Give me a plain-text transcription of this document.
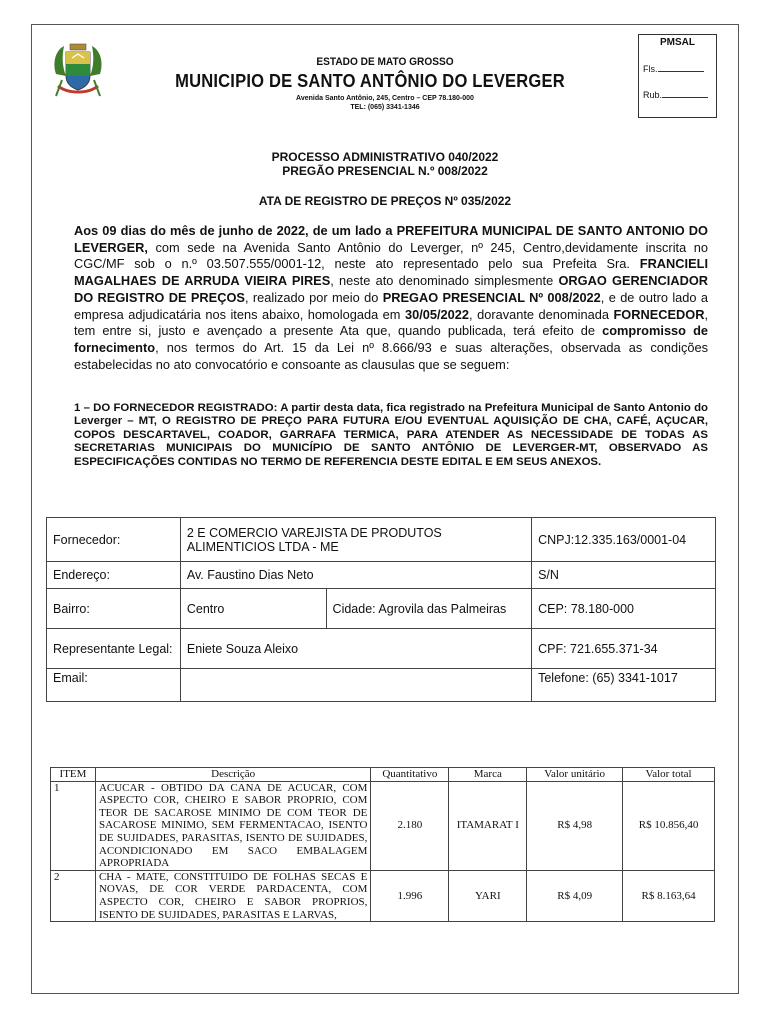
ESTADO DE MATO GROSSO
MUNICIPIO DE SANTO ANTÔNIO DO LEVERGER
Avenida Santo Antônio, 245, Centro – CEP 78.180-000
TEL: (065) 3341-1346
PMSAL
Fls.
Rub.
PROCESSO ADMINISTRATIVO 040/2022
PREGÃO PRESENCIAL N.º 008/2022
ATA DE REGISTRO DE PREÇOS Nº 035/2022

Aos 09 dias do mês de junho de 2022, de um lado a PREFEITURA MUNICIPAL DE SANTO ANTONIO DO LEVERGER, com sede na Avenida Santo Antônio do Leverger, nº 245, Centro,devidamente inscrita no CGC/MF sob o n.º 03.507.555/0001-12, neste ato representado pelo sua Prefeita Sra. FRANCIELI MAGALHAES DE ARRUDA VIEIRA PIRES, neste ato denominado simplesmente ORGAO GERENCIADOR DO REGISTRO DE PREÇOS, realizado por meio do PREGAO PRESENCIAL Nº 008/2022, e de outro lado a empresa adjudicatária nos itens abaixo, homologada em 30/05/2022, doravante denominada FORNECEDOR, tem entre si, justo e avençado a presente Ata que, quando publicada, terá efeito de compromisso de fornecimento, nos termos do Art. 15 da Lei nº 8.666/93 e suas alterações, observada as condições estabelecidas no ato convocatório e consoante as clausulas que se seguem:

1 – DO FORNECEDOR REGISTRADO: A partir desta data, fica registrado na Prefeitura Municipal de Santo Antonio do Leverger – MT, O REGISTRO DE PREÇO PARA FUTURA E/OU EVENTUAL AQUISIÇÃO DE CHA, CAFÉ, AÇUCAR, COPOS DESCARTAVEL, COADOR, GARRAFA TERMICA, PARA ATENDER AS NECESSIDADE DE TODAS AS SECRETARIAS MUNICIPAIS DO MUNICÍPIO DE SANTO ANTÔNIO DE LEVERGER-MT, OBSERVADO AS ESPECIFICAÇÕES CONTIDAS NO TERMO DE REFERENCIA DESTE EDITAL E EM SEUS ANEXOS.
Fornecedor:	2 E COMERCIO VAREJISTA DE PRODUTOS ALIMENTICIOS LTDA - ME		CNPJ:12.335.163/0001-04
Endereço:	Av. Faustino Dias Neto		S/N
Bairro:	Centro	Cidade: Agrovila das Palmeiras	CEP: 78.180-000
Representante Legal:	Eniete Souza Aleixo		CPF: 721.655.371-34
Email:			Telefone: (65) 3341-1017
ITEM	Descrição	Quantitativo	Marca	Valor unitário	Valor total
1	ACUCAR - OBTIDO DA CANA DE ACUCAR, COM ASPECTO COR, CHEIRO E SABOR PROPRIO, COM TEOR DE SACAROSE MINIMO DE COM TEOR DE SACAROSE MINIMO, SEM FERMENTACAO, ISENTO DE SUJIDADES, PARASITAS, ISENTO DE SUJIDADES, ACONDICIONADO EM SACO EMBALAGEM APROPRIADA	2.180	ITAMARAT I	R$ 4,98	R$ 10.856,40
2	CHA - MATE, CONSTITUIDO DE FOLHAS SECAS E NOVAS, DE COR VERDE PARDACENTA, COM ASPECTO COR, CHEIRO E SABOR PROPRIOS, ISENTO DE SUJIDADES, PARASITAS E LARVAS,	1.996	YARI	R$ 4,09	R$ 8.163,64
